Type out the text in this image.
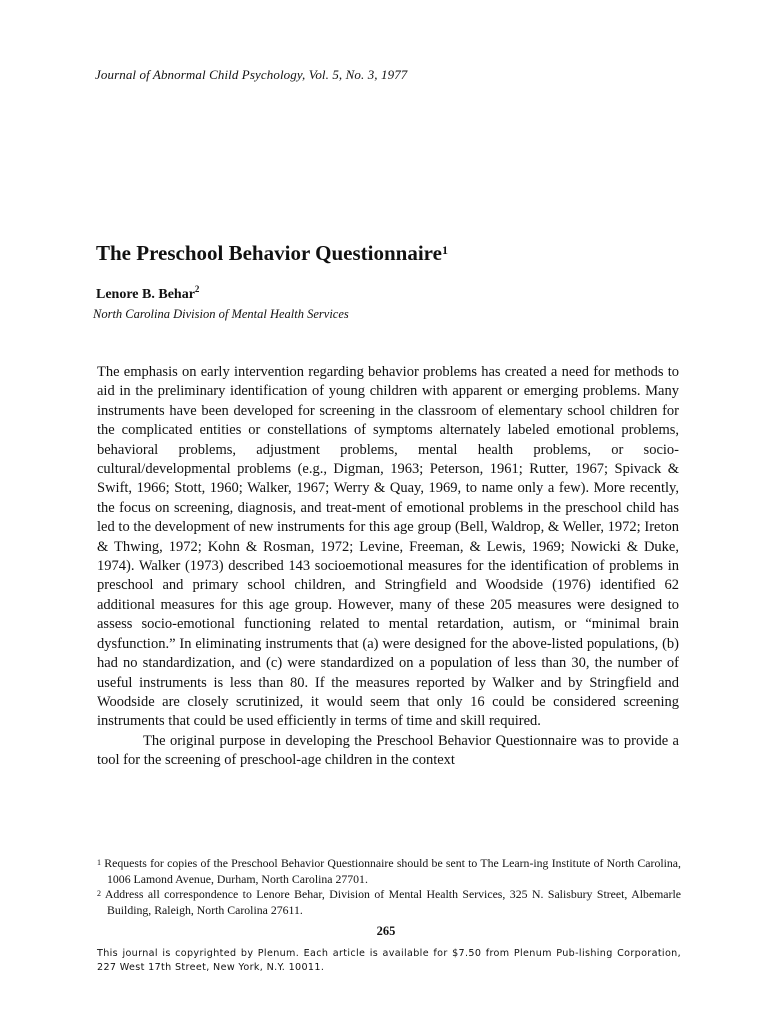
Journal of Abnormal Child Psychology, Vol. 5, No. 3, 1977
The Preschool Behavior Questionnaire$^1$
Lenore B. Behar$^2$
North Carolina Division of Mental Health Services

The emphasis on early intervention regarding behavior problems has created a need for methods to aid in the preliminary identification of young children with apparent or emerging problems. Many instruments have been developed for screening in the classroom of elementary school children for the complicated entities or constellations of symptoms alternately labeled emotional problems, behavioral problems, adjustment problems, mental health problems, or socio-cultural/developmental problems (e.g., Digman, 1963; Peterson, 1961; Rutter, 1967; Spivack & Swift, 1966; Stott, 1960; Walker, 1967; Werry & Quay, 1969, to name only a few). More recently, the focus on screening, diagnosis, and treat-ment of emotional problems in the preschool child has led to the development of new instruments for this age group (Bell, Waldrop, & Weller, 1972; Ireton & Thwing, 1972; Kohn & Rosman, 1972; Levine, Freeman, & Lewis, 1969; Nowicki & Duke, 1974). Walker (1973) described 143 socioemotional measures for the identification of problems in preschool and primary school children, and Stringfield and Woodside (1976) identified 62 additional measures for this age group. However, many of these 205 measures were designed to assess socio-emotional functioning related to mental retardation, autism, or “minimal brain dysfunction.” In eliminating instruments that (a) were designed for the above-listed populations, (b) had no standardization, and (c) were standardized on a population of less than 30, the number of useful instruments is less than 80. If the measures reported by Walker and by Stringfield and Woodside are closely scrutinized, it would seem that only 16 could be considered screening instruments that could be used efficiently in terms of time and skill required.

The original purpose in developing the Preschool Behavior Questionnaire was to provide a tool for the screening of preschool-age children in the context

$^1$ Requests for copies of the Preschool Behavior Questionnaire should be sent to The Learn-ing Institute of North Carolina, 1006 Lamond Avenue, Durham, North Carolina 27701.
$^2$ Address all correspondence to Lenore Behar, Division of Mental Health Services, 325 N. Salisbury Street, Albemarle Building, Raleigh, North Carolina 27611.
265
This journal is copyrighted by Plenum. Each article is available for $7.50 from Plenum Pub-lishing Corporation, 227 West 17th Street, New York, N.Y. 10011.
